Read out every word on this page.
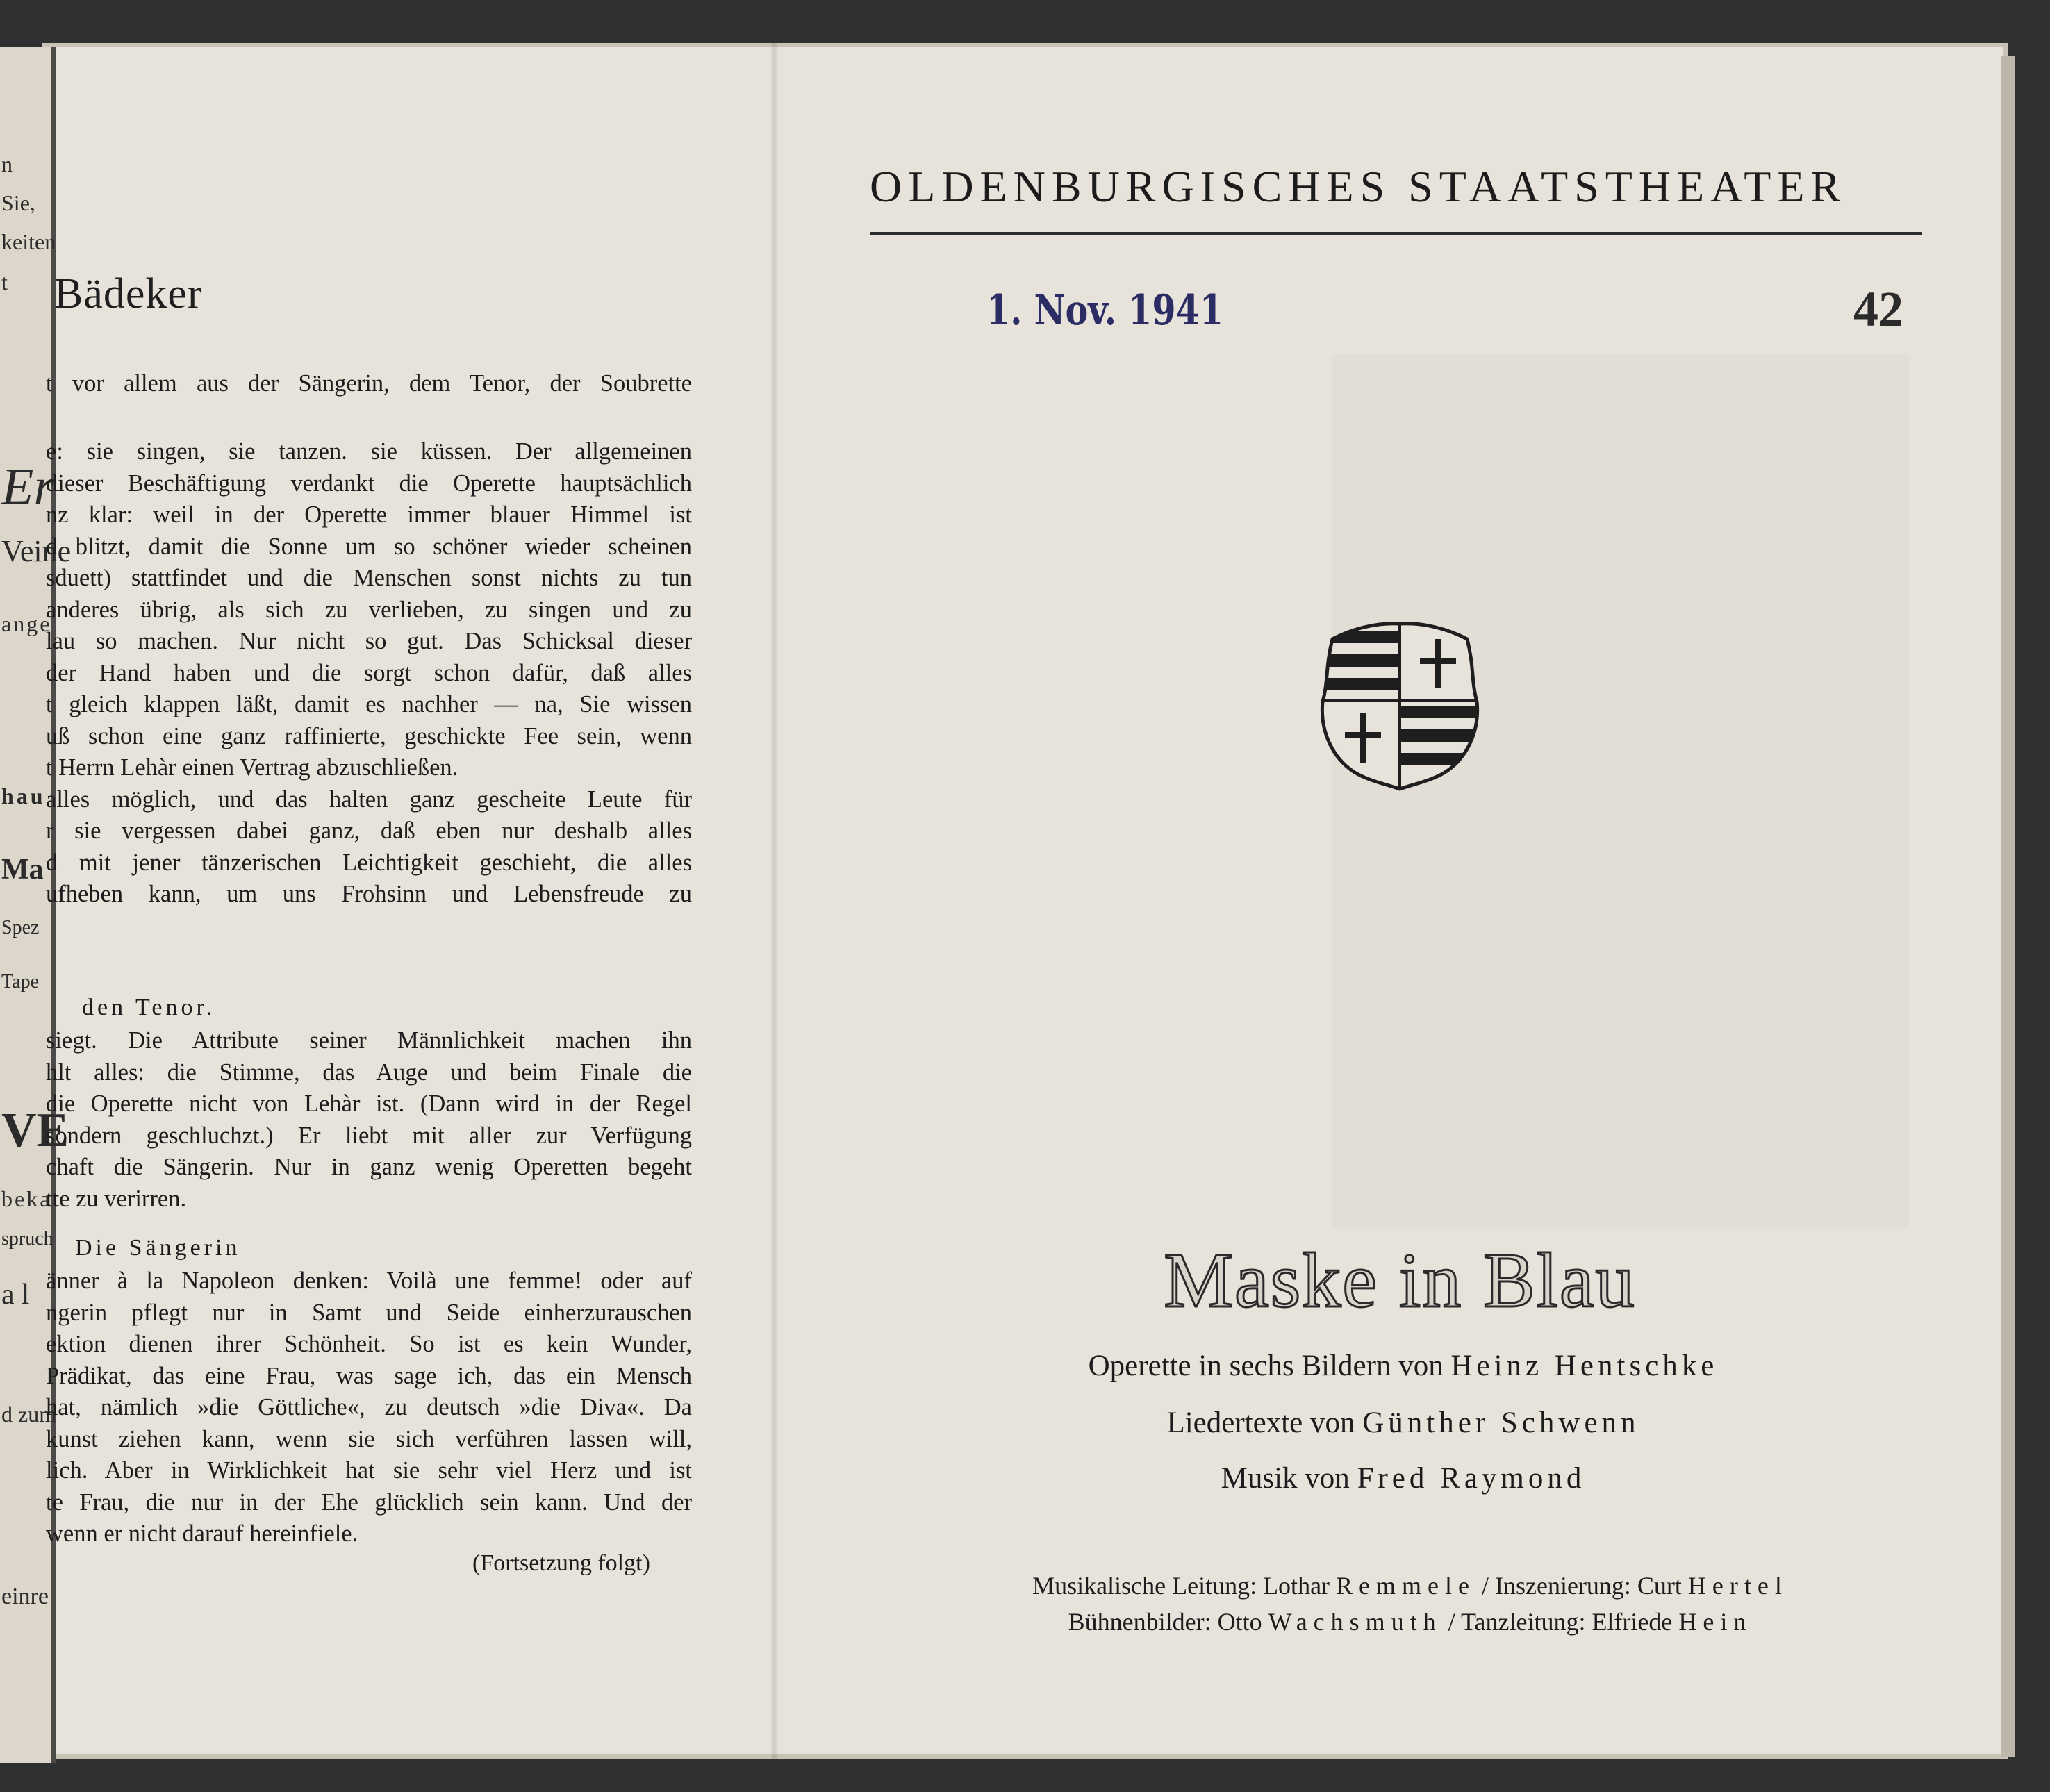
n
Sie,
keiten
t
Er
Veine
ange
hau
Ma
Spez
Tape
VE
beka
spruch
al
d zum
einre
Bädeker

t vor allem aus der Sängerin, dem Tenor, der Soubrette

e: sie singen, sie tanzen. sie küssen. Der allgemeinen

dieser Beschäftigung verdankt die Operette hauptsächlich

nz klar: weil in der Operette immer blauer Himmel ist

d blitzt, damit die Sonne um so schöner wieder scheinen

sduett) stattfindet und die Menschen sonst nichts zu tun

anderes übrig, als sich zu verlieben, zu singen und zu

lau so machen. Nur nicht so gut. Das Schicksal dieser

der Hand haben und die sorgt schon dafür, daß alles

t gleich klappen läßt, damit es nachher — na, Sie wissen

uß schon eine ganz raffinierte, geschickte Fee sein, wenn

t Herrn Lehàr einen Vertrag abzuschließen.

alles möglich, und das halten ganz gescheite Leute für

r sie vergessen dabei ganz, daß eben nur deshalb alles

d mit jener tänzerischen Leichtigkeit geschieht, die alles

ufheben kann, um uns Frohsinn und Lebensfreude zu

den Tenor.

siegt. Die Attribute seiner Männlichkeit machen ihn

hlt alles: die Stimme, das Auge und beim Finale die

die Operette nicht von Lehàr ist. (Dann wird in der Regel

sondern geschluchzt.) Er liebt mit aller zur Verfügung

chaft die Sängerin. Nur in ganz wenig Operetten begeht

tte zu verirren.

Die Sängerin

änner à la Napoleon denken: Voilà une femme! oder auf

ngerin pflegt nur in Samt und Seide einherzurauschen

ektion dienen ihrer Schönheit. So ist es kein Wunder,

Prädikat, das eine Frau, was sage ich, das ein Mensch

hat, nämlich »die Göttliche«, zu deutsch »die Diva«. Da

kunst ziehen kann, wenn sie sich verführen lassen will,

lich. Aber in Wirklichkeit hat sie sehr viel Herz und ist

te Frau, die nur in der Ehe glücklich sein kann. Und der

wenn er nicht darauf hereinfiele.

(Fortsetzung folgt)
OLDENBURGISCHES STAATSTHEATER
1. Nov. 1941	42
Maske in Blau
Operette in sechs Bildern von Heinz Hentschke
Liedertexte von Günther Schwenn
Musik von Fred Raymond
Musikalische Leitung: Lothar Remmele / Inszenierung: Curt Hertel
Bühnenbilder: Otto Wachsmuth / Tanzleitung: Elfriede Hein
